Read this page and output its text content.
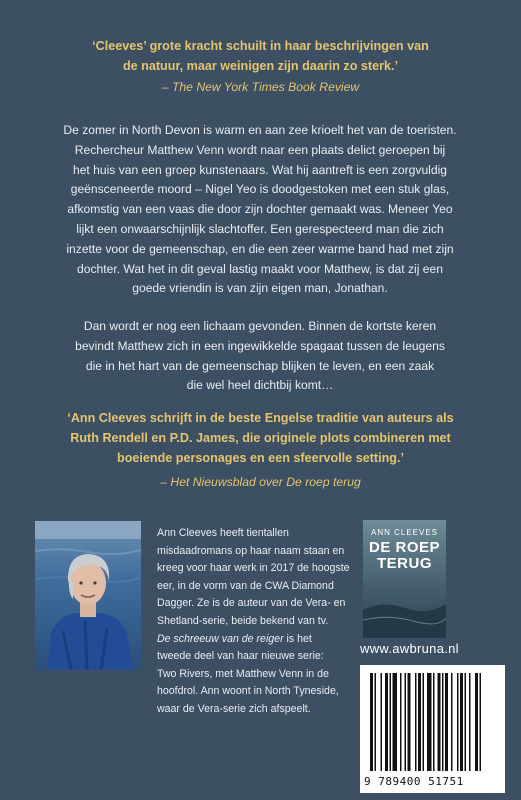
‘Cleeves’ grote kracht schuilt in haar beschrijvingen van
de natuur, maar weinigen zijn daarin zo sterk.’
– The New York Times Book Review
De zomer in North Devon is warm en aan zee krioelt het van de toeristen.
Rechercheur Matthew Venn wordt naar een plaats delict geroepen bij
het huis van een groep kunstenaars. Wat hij aantreft is een zorgvuldig
geënsceneerde moord – Nigel Yeo is doodgestoken met een stuk glas,
afkomstig van een vaas die door zijn dochter gemaakt was. Meneer Yeo
lijkt een onwaarschijnlijk slachtoffer. Een gerespecteerd man die zich
inzette voor de gemeenschap, en die een zeer warme band had met zijn
dochter. Wat het in dit geval lastig maakt voor Matthew, is dat zij een
goede vriendin is van zijn eigen man, Jonathan.
Dan wordt er nog een lichaam gevonden. Binnen de kortste keren
bevindt Matthew zich in een ingewikkelde spagaat tussen de leugens
die in het hart van de gemeenschap blijken te leven, en een zaak
die wel heel dichtbij komt…
‘Ann Cleeves schrijft in de beste Engelse traditie van auteurs als
Ruth Rendell en P.D. James, die originele plots combineren met
boeiende personages en een sfeervolle setting.’
– Het Nieuwsblad over De roep terug
Ann Cleeves heeft tientallen
misdaadromans op haar naam staan en
kreeg voor haar werk in 2017 de hoogste
eer, in de vorm van de CWA Diamond
Dagger. Ze is de auteur van de Vera- en
Shetland-serie, beide bekend van tv.
De schreeuw van de reiger is het
tweede deel van haar nieuwe serie:
Two Rivers, met Matthew Venn in de
hoofdrol. Ann woont in North Tyneside,
waar de Vera-serie zich afspeelt.
ANN CLEEVES
DE ROEP
TERUG
www.awbruna.nl
9 789400 51751
